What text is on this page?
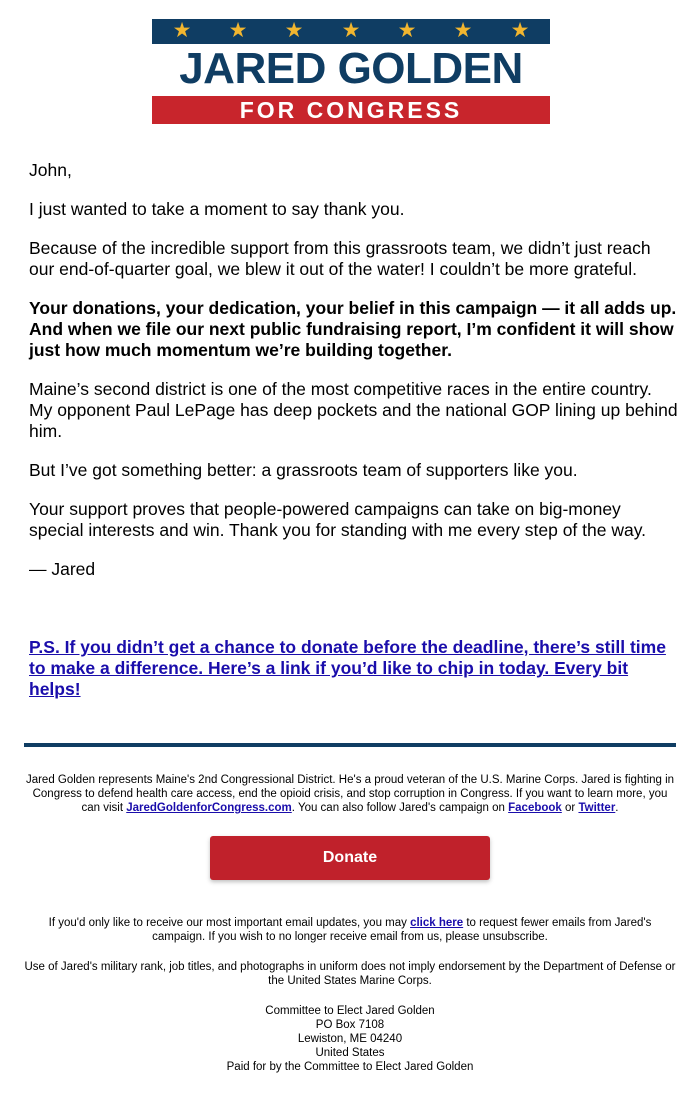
★ ★ ★ ★ ★ ★ ★
JARED GOLDEN
FOR CONGRESS

John,

I just wanted to take a moment to say thank you.

Because of the incredible support from this grassroots team, we didn’t just reach our end-of-quarter goal, we blew it out of the water! I couldn’t be more grateful.

Your donations, your dedication, your belief in this campaign — it all adds up. And when we file our next public fundraising report, I’m confident it will show just how much momentum we’re building together.

Maine’s second district is one of the most competitive races in the entire country. My opponent Paul LePage has deep pockets and the national GOP lining up behind him.

But I’ve got something better: a grassroots team of supporters like you.

Your support proves that people-powered campaigns can take on big-money special interests and win. Thank you for standing with me every step of the way.

— Jared

P.S. If you didn’t get a chance to donate before the deadline, there’s still time to make a difference. Here’s a link if you’d like to chip in today. Every bit helps!
Jared Golden represents Maine's 2nd Congressional District. He's a proud veteran of the U.S. Marine Corps. Jared is fighting in Congress to defend health care access, end the opioid crisis, and stop corruption in Congress. If you want to learn more, you can visit JaredGoldenforCongress.com. You can also follow Jared's campaign on Facebook or Twitter.
Donate
If you'd only like to receive our most important email updates, you may click here to request fewer emails from Jared's campaign. If you wish to no longer receive email from us, please unsubscribe.
Use of Jared's military rank, job titles, and photographs in uniform does not imply endorsement by the Department of Defense or the United States Marine Corps.
Committee to Elect Jared Golden
PO Box 7108
Lewiston, ME 04240
United States
Paid for by the Committee to Elect Jared Golden
